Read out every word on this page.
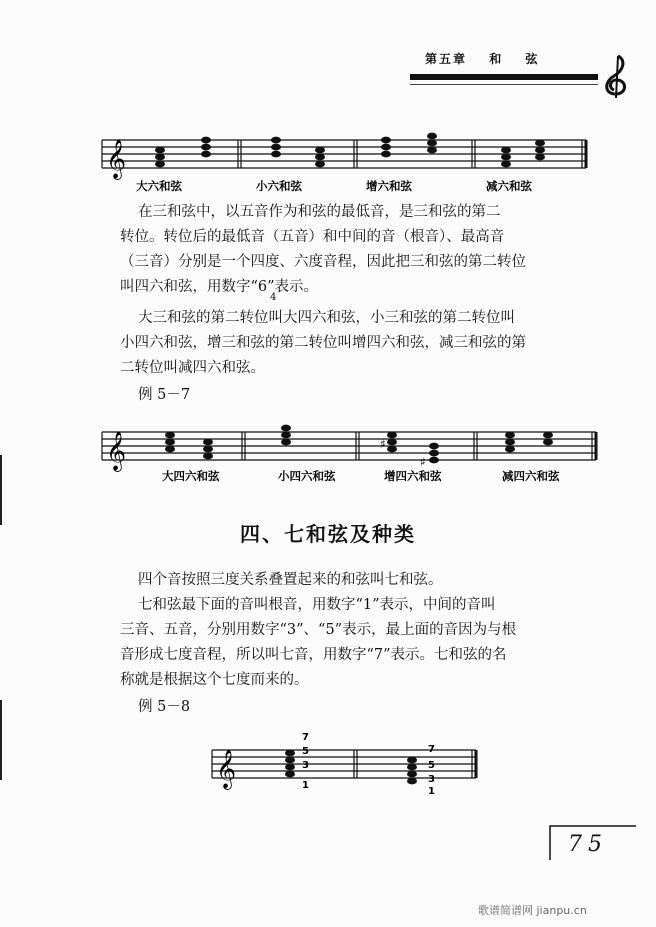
第五章 和 弦
𝄞
大六和弦	小六和弦	增六和弦	减六和弦

在三和弦中，以五音作为和弦的最低音，是三和弦的第二

转位。转位后的最低音（五音）和中间的音（根音）、最高音

（三音）分别是一个四度、六度音程，因此把三和弦的第二转位

叫四六和弦，用数字“6”表示。

4

大三和弦的第二转位叫大四六和弦，小三和弦的第二转位叫

小四六和弦，增三和弦的第二转位叫增四六和弦，减三和弦的第

二转位叫减四六和弦。

例 5－7
𝄞	♯
♯
大四六和弦	小四六和弦	增四六和弦	减四六和弦
四、七和弦及种类

四个音按照三度关系叠置起来的和弦叫七和弦。

七和弦最下面的音叫根音，用数字“1”表示，中间的音叫

三音、五音，分别用数字“3”、“5”表示，最上面的音因为与根

音形成七度音程，所以叫七音，用数字“7”表示。七和弦的名

称就是根据这个七度而来的。

例 5－8
𝄞
7
5
3
1
7
5
3
1
75
歌谱简谱网 jianpu.cn
